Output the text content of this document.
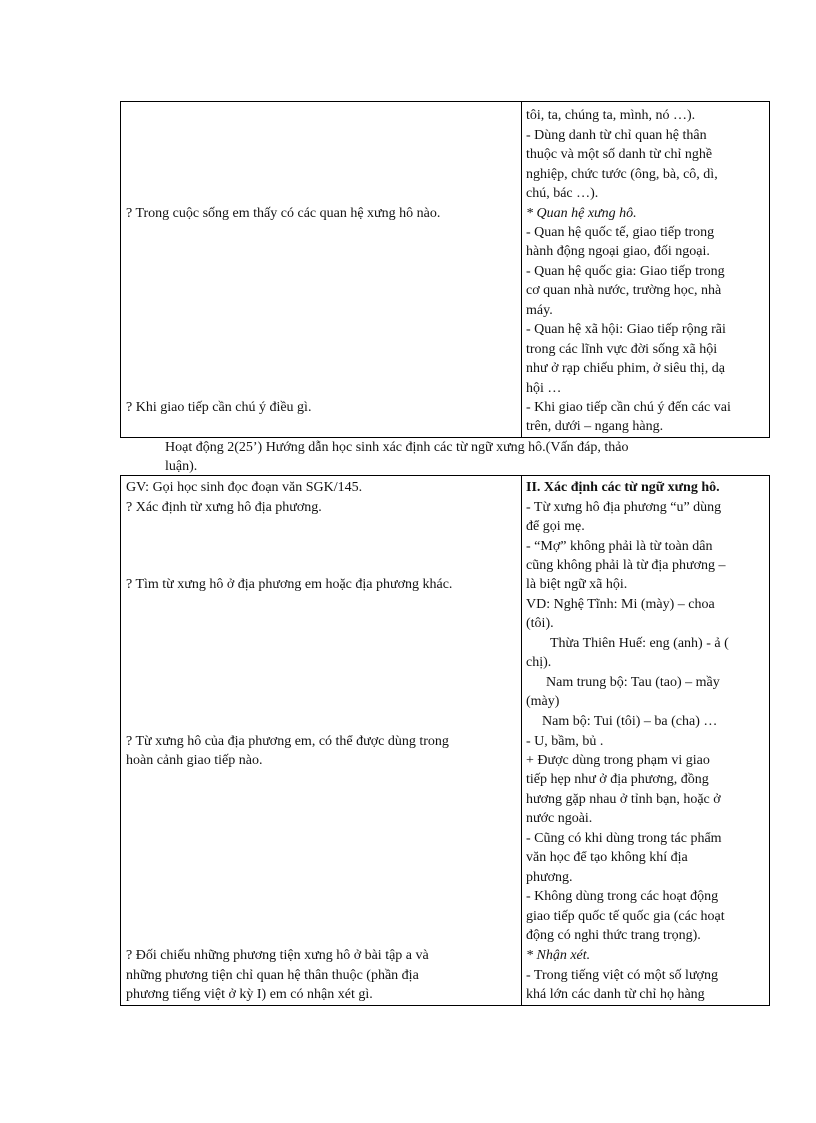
? Trong cuộc sống em thấy có các quan hệ xưng hô nào.
? Khi giao tiếp cần chú ý điều gì.
tôi, ta, chúng ta, mình, nó …).
- Dùng danh từ chỉ quan hệ thân
thuộc và một số danh từ chỉ nghề
nghiệp, chức tước (ông, bà, cô, dì,
chú, bác …).
* Quan hệ xưng hô.
- Quan hệ quốc tế, giao tiếp trong
hành động ngoại giao, đối ngoại.
- Quan hệ quốc gia: Giao tiếp trong
cơ quan nhà nước, trường học, nhà
máy.
- Quan hệ xã hội: Giao tiếp rộng rãi
trong các lĩnh vực đời sống xã hội
như ở rạp chiếu phim, ở siêu thị, dạ
hội …
- Khi giao tiếp cần chú ý đến các vai
trên, dưới – ngang hàng.
Hoạt động 2(25’) Hướng dẫn học sinh xác định các từ ngữ xưng hô.(Vấn đáp, thảo
luận).
GV: Gọi học sinh đọc đoạn văn SGK/145.
? Xác định từ xưng hô địa phương.
? Tìm từ xưng hô ở địa phương em hoặc địa phương khác.
? Từ xưng hô của địa phương em, có thể được dùng trong
hoàn cảnh giao tiếp nào.
? Đối chiếu những phương tiện xưng hô ở bài tập a và
những phương tiện chỉ quan hệ thân thuộc (phần địa
phương tiếng việt ở kỳ I) em có nhận xét gì.
II. Xác định các từ ngữ xưng hô.
- Từ xưng hô địa phương “u” dùng
để gọi mẹ.
- “Mợ” không phải là từ toàn dân
cũng không phải là từ địa phương –
là biệt ngữ xã hội.
VD: Nghệ Tĩnh: Mi (mày) – choa
(tôi).
Thừa Thiên Huế: eng (anh) - ả (
chị).
Nam trung bộ: Tau (tao) – mầy
(mày)
Nam bộ: Tui (tôi) – ba (cha) …
- U, bầm, bủ .
+ Được dùng trong phạm vi giao
tiếp hẹp như ở địa phương, đồng
hương gặp nhau ở tỉnh bạn, hoặc ở
nước ngoài.
- Cũng có khi dùng trong tác phẩm
văn học để tạo không khí địa
phương.
- Không dùng trong các hoạt động
giao tiếp quốc tế quốc gia (các hoạt
động có nghi thức trang trọng).
* Nhận xét.
- Trong tiếng việt có một số lượng
khá lớn các danh từ chỉ họ hàng
